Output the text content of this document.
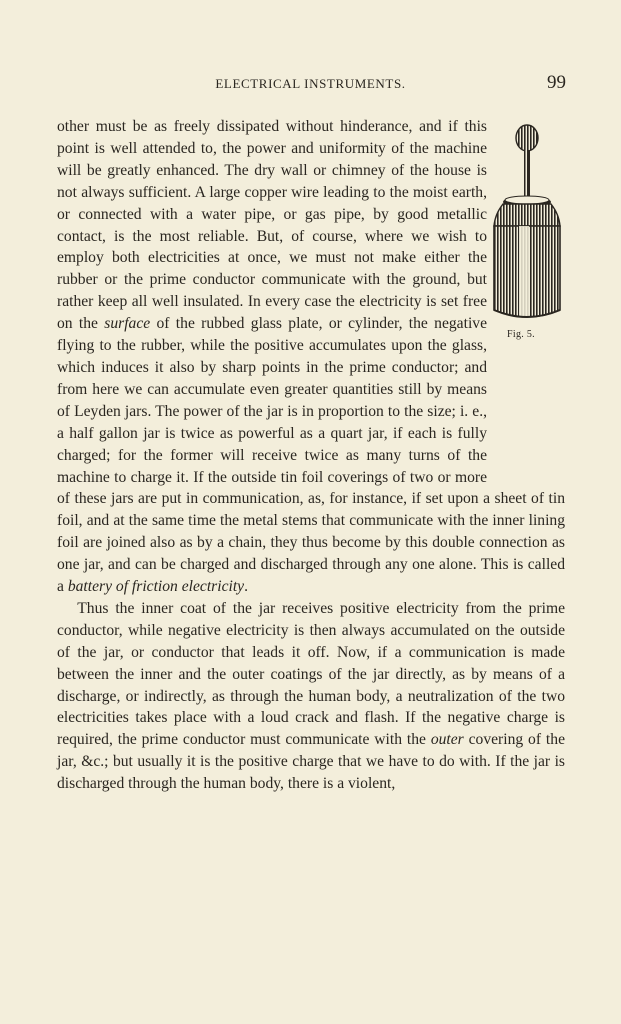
ELECTRICAL INSTRUMENTS.	99
Fig. 5.

other must be as freely dissipated without hinderance, and if this point is well attended to, the power and uniformity of the machine will be greatly enhanced. The dry wall or chimney of the house is not always sufficient. A large copper wire leading to the moist earth, or connected with a water pipe, or gas pipe, by good metallic contact, is the most reliable. But, of course, where we wish to employ both electricities at once, we must not make either the rubber or the prime conductor communicate with the ground, but rather keep all well insulated. In every case the electricity is set free on the surface of the rubbed glass plate, or cylinder, the negative flying to the rubber, while the positive accumulates upon the glass, which induces it also by sharp points in the prime conductor; and from here we can accumulate even greater quantities still by means of Leyden jars. The power of the jar is in proportion to the size; i. e., a half gallon jar is twice as powerful as a quart jar, if each is fully charged; for the former will receive twice as many turns of the machine to charge it. If the outside tin foil coverings of two or more of these jars are put in communication, as, for instance, if set upon a sheet of tin foil, and at the same time the metal stems that communicate with the inner lining foil are joined also as by a chain, they thus become by this double connection as one jar, and can be charged and discharged through any one alone. This is called a battery of friction electricity.

Thus the inner coat of the jar receives positive electricity from the prime conductor, while negative electricity is then always accumulated on the outside of the jar, or conductor that leads it off. Now, if a communication is made between the inner and the outer coatings of the jar directly, as by means of a discharge, or indirectly, as through the human body, a neutralization of the two electricities takes place with a loud crack and flash. If the negative charge is required, the prime conductor must communicate with the outer covering of the jar, &c.; but usually it is the positive charge that we have to do with. If the jar is discharged through the human body, there is a violent,
